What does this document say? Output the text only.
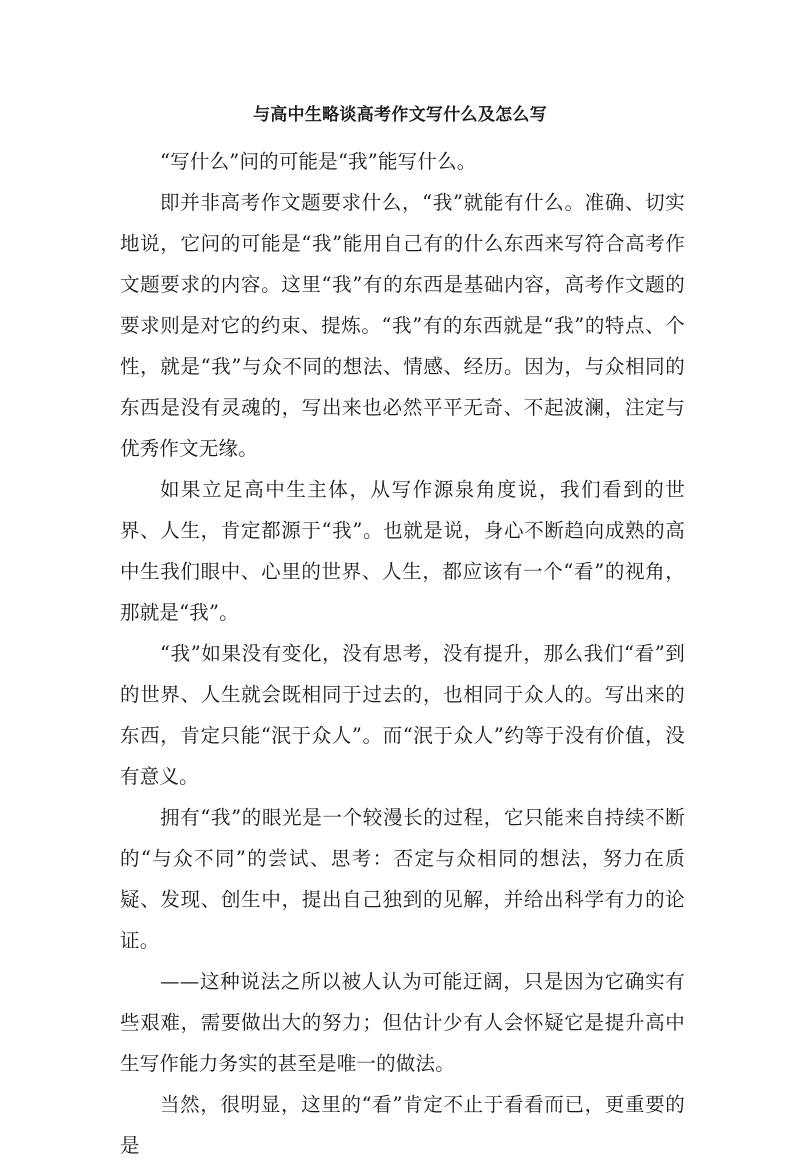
与高中生略谈高考作文写什么及怎么写

“写什么”问的可能是“我”能写什么。

即并非高考作文题要求什么，“我”就能有什么。准确、切实地说，它问的可能是“我”能用自己有的什么东西来写符合高考作文题要求的内容。这里“我”有的东西是基础内容，高考作文题的要求则是对它的约束、提炼。“我”有的东西就是“我”的特点、个性，就是“我”与众不同的想法、情感、经历。因为，与众相同的东西是没有灵魂的，写出来也必然平平无奇、不起波澜，注定与优秀作文无缘。

如果立足高中生主体，从写作源泉角度说，我们看到的世界、人生，肯定都源于“我”。也就是说，身心不断趋向成熟的高中生我们眼中、心里的世界、人生，都应该有一个“看”的视角，那就是“我”。

“我”如果没有变化，没有思考，没有提升，那么我们“看”到的世界、人生就会既相同于过去的，也相同于众人的。写出来的东西，肯定只能“泯于众人”。而“泯于众人”约等于没有价值，没有意义。

拥有“我”的眼光是一个较漫长的过程，它只能来自持续不断的“与众不同”的尝试、思考：否定与众相同的想法，努力在质疑、发现、创生中，提出自己独到的见解，并给出科学有力的论证。

——这种说法之所以被人认为可能迂阔，只是因为它确实有些艰难，需要做出大的努力；但估计少有人会怀疑它是提升高中生写作能力务实的甚至是唯一的做法。

当然，很明显，这里的“看”肯定不止于看看而已，更重要的是
